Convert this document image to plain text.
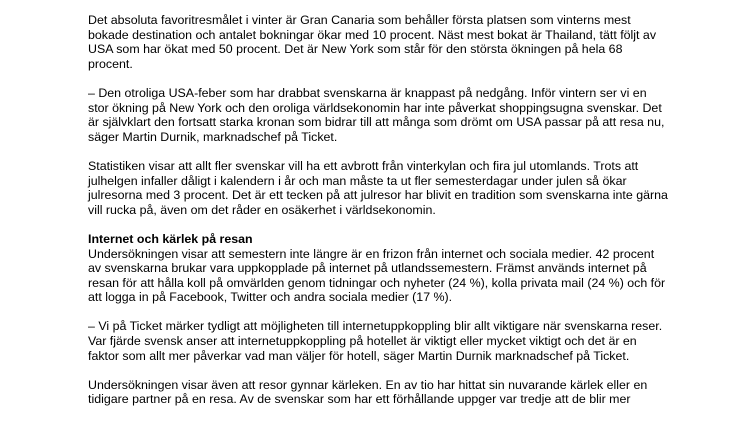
Det absoluta favoritresmålet i vinter är Gran Canaria som behåller första platsen som vinterns mest bokade destination och antalet bokningar ökar med 10 procent. Näst mest bokat är Thailand, tätt följt av USA som har ökat med 50 procent. Det är New York som står för den största ökningen på hela 68 procent.

– Den otroliga USA-feber som har drabbat svenskarna är knappast på nedgång. Inför vintern ser vi en stor ökning på New York och den oroliga världsekonomin har inte påverkat shoppingsugna svenskar. Det är självklart den fortsatt starka kronan som bidrar till att många som drömt om USA passar på att resa nu, säger Martin Durnik, marknadschef på Ticket.

Statistiken visar att allt fler svenskar vill ha ett avbrott från vinterkylan och fira jul utomlands. Trots att julhelgen infaller dåligt i kalendern i år och man måste ta ut fler semesterdagar under julen så ökar julresorna med 3 procent. Det är ett tecken på att julresor har blivit en tradition som svenskarna inte gärna vill rucka på, även om det råder en osäkerhet i världsekonomin.

Internet och kärlek på resan

Undersökningen visar att semestern inte längre är en frizon från internet och sociala medier. 42 procent av svenskarna brukar vara uppkopplade på internet på utlandssemestern. Främst används internet på resan för att hålla koll på omvärlden genom tidningar och nyheter (24 %), kolla privata mail (24 %) och för att logga in på Facebook, Twitter och andra sociala medier (17 %).

– Vi på Ticket märker tydligt att möjligheten till internetuppkoppling blir allt viktigare när svenskarna reser. Var fjärde svensk anser att internetuppkoppling på hotellet är viktigt eller mycket viktigt och det är en faktor som allt mer påverkar vad man väljer för hotell, säger Martin Durnik marknadschef på Ticket.

Undersökningen visar även att resor gynnar kärleken. En av tio har hittat sin nuvarande kärlek eller en tidigare partner på en resa. Av de svenskar som har ett förhållande uppger var tredje att de blir mer
